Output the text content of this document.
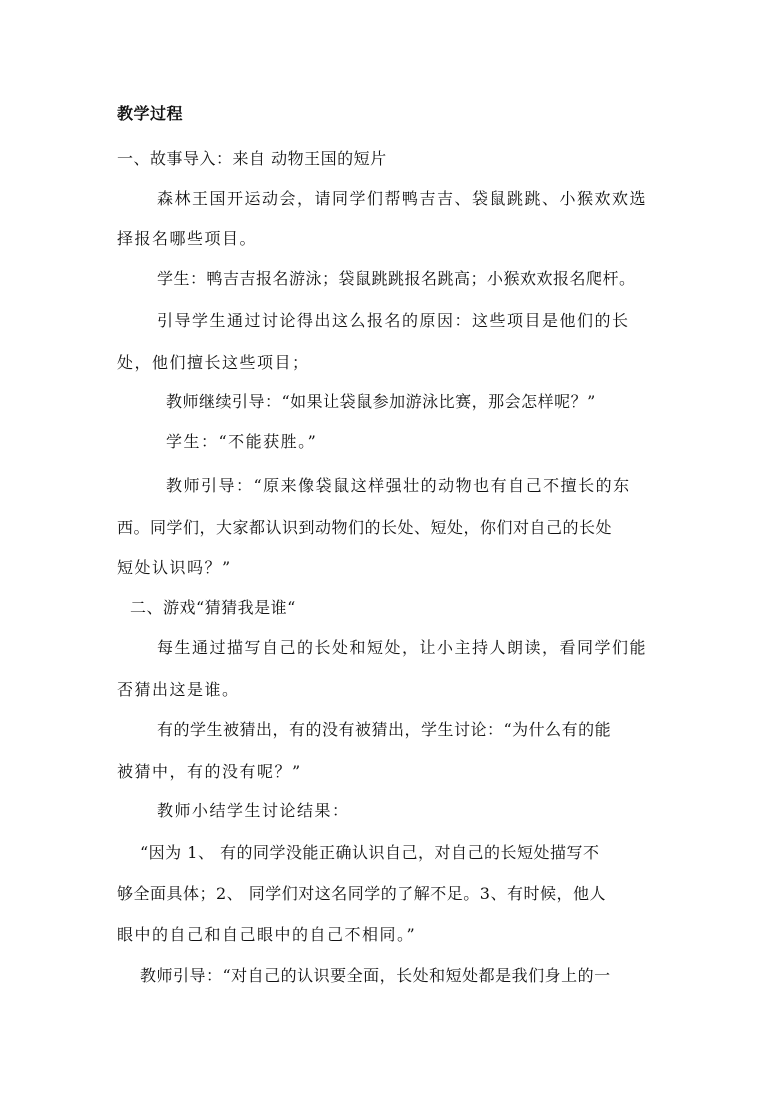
教学过程
一、故事导入：来自 动物王国的短片
森林王国开运动会，请同学们帮鸭吉吉、袋鼠跳跳、小猴欢欢选
择报名哪些项目。
学生：鸭吉吉报名游泳；袋鼠跳跳报名跳高；小猴欢欢报名爬杆。
引导学生通过讨论得出这么报名的原因：这些项目是他们的长
处，他们擅长这些项目；
教师继续引导：“如果让袋鼠参加游泳比赛，那会怎样呢？”
学生：“不能获胜。”
教师引导：“原来像袋鼠这样强壮的动物也有自己不擅长的东
西。同学们，大家都认识到动物们的长处、短处，你们对自己的长处
短处认识吗？”
二、游戏“猜猜我是谁“
每生通过描写自己的长处和短处，让小主持人朗读，看同学们能
否猜出这是谁。
有的学生被猜出，有的没有被猜出，学生讨论：“为什么有的能
被猜中，有的没有呢？”
教师小结学生讨论结果：
“因为 1、 有的同学没能正确认识自己，对自己的长短处描写不
够全面具体；2、 同学们对这名同学的了解不足。3、有时候，他人
眼中的自己和自己眼中的自己不相同。”
教师引导：“对自己的认识要全面，长处和短处都是我们身上的一
